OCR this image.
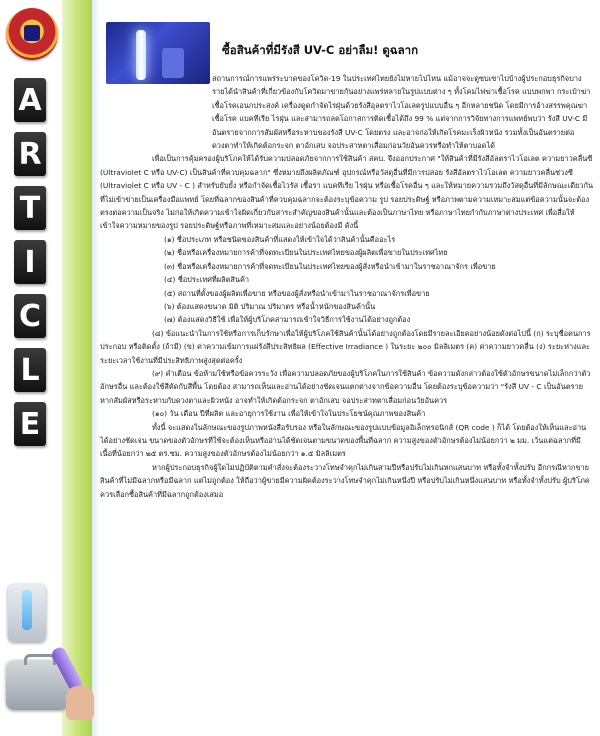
A
R
T
I
C
L
E
ซื้อสินค้าที่มีรังสี UV-C อย่าลืม! ดูฉลาก

สถานการณ์การแพร่ระบาดของโควิด-19 ในประเทศไทยยังไม่หายไปไหน แม้อาจจะดูซบเซาไปบ้างผู้ประกอบธุรกิจบางรายได้นำสินค้าที่เกี่ยวข้องกับโควิดมาขายกันอย่างแพร่หลายในรูปแบบต่าง ๆ ทั้งโคมไฟฆ่าเชื้อโรค แบบพกพา กระเป๋าฆ่าเชื้อโรคเอนกประสงค์ เครื่องดูดกำจัดไรฝุ่นด้วยรังสีอุลตราไวโอเลตรูปแบบอื่น ๆ อีกหลายชนิด โดยมีการอ้างสรรพคุณฆ่าเชื้อโรค แบคทีเรีย ไรฝุ่น และสามารถลดโอกาสการติดเชื้อได้ถึง 99 % แต่จากการวิจัยทางการแพทย์พบว่า รังสี UV-C มีอันตรายจากการสัมผัสหรือระหาบของรังสี UV-C โดยตรง และอาจก่อให้เกิดโรคมะเร็งผิวหนัง รวมทั้งเป็นอันตรายต่อดวงตาทำให้เกิดต้อกระจก ตาอักเสบ จอประสาทตาเสื่อมก่อนวัยอันควรหรือทำให้ตาบอดได้

เพื่อเป็นการคุ้มครองผู้บริโภคให้ได้รับความปลอดภัยจากการใช้สินค้า สคบ. จึงออกประกาศ "ให้สินค้าที่มีรังสีอัลตราไวโอเลต ความยาวคลื่นซี (Ultraviolet C หรือ UV-C) เป็นสินค้าที่ควบคุมฉลาก" ซึ่งหมายถึงผลิตภัณฑ์ อุปกรณ์หรือวัสดุอื่นที่มีการปล่อย รังสีอัลตราไวโอเลต ความยาวคลื่นช่วงซี (Ultraviolet C หรือ UV - C ) สำหรับยับยั้ง หรือกำจัดเชื้อไวรัส เชื้อรา แบคทีเรีย ไรฝุ่น หรือเชื้อโรคอื่น ๆ และให้หมายความรวมถึงวัสดุอื่นที่มีลักษณะเดียวกัน ที่ไม่เข้าข่ายเป็นเครื่องมือแพทย์ โดยที่ฉลากของสินค้าที่ควบคุมฉลากจะต้องระบุข้อความ รูป รอยประดิษฐ์ หรือภาพตามความเหมาะสมแต่ข้อความนั้นจะต้องตรงต่อความเป็นจริง ไม่ก่อให้เกิดความเข้าใจผิดเกี่ยวกับสาระสำคัญของสินค้านั้นและต้องเป็นภาษาไทย หรือภาษาไทยกำกับภาษาต่างประเทศ เพื่อสื่อให้เข้าใจความหมายของรูป รอยประดิษฐ์หรือภาพที่เหมาะสมและอย่างน้อยต้องมี ดังนี้

(๑) ชื่อประเภท หรือชนิดของสินค้าที่แสดงให้เข้าใจได้ว่าสินค้านั้นคืออะไร

(๒) ชื่อหรือเครื่องหมายการค้าที่จดทะเบียนในประเทศไทยของผู้ผลิตเพื่อขายในประเทศไทย

(๓) ชื่อหรือเครื่องหมายการค้าที่จดทะเบียนในประเทศไทยของผู้สั่งหรือนำเข้ามาในราชอาณาจักร เพื่อขาย

(๔) ชื่อประเทศที่ผลิตสินค้า

(๕) สถานที่ตั้งของผู้ผลิตเพื่อขาย หรือของผู้สั่งหรือนำเข้ามาในราชอาณาจักรเพื่อขาย

(๖) ต้องแสดงขนาด มิติ ปริมาณ ปริมาตร หรือน้ำหนักของสินค้านั้น

(๗) ต้องแสดงวิธีใช้ เพื่อให้ผู้บริโภคสามารถเข้าใจวิธีการใช้งานได้อย่างถูกต้อง

(๘) ข้อแนะนำในการใช้หรือการเก็บรักษาเพื่อให้ผู้บริโภคใช้สินค้านั้นได้อย่างถูกต้องโดยมีรายละเอียดอย่างน้อยดังต่อไปนี้ (ก) ระบุชื่อคนการประกอบ หรือติดตั้ง (ถ้ามี) (ข) ค่าความเข้มการแผ่รังสีประสิทธิผล (Effective Irradiance ) ในระยะ ๒๐๐ มิลลิเมตร (ค) ค่าความยาวคลื่น (ง) ระยะห่างและระยะเวลาใช้งานที่มีประสิทธิภาพสูงสุดต่อครั้ง

(๙) คำเตือน ข้อห้ามใช้หรือข้อควรระวัง เพื่อความปลอดภัยของผู้บริโภคในการใช้สินค้า ข้อความดังกล่าวต้องใช้ตัวอักษรขนาดไม่เล็กกว่าตัวอักษรอื่น และต้องใช้สีตัดกับสีพื้น โดยต้อง สามารถเห็นและอ่านได้อย่างชัดเจนแตกต่างจากข้อความอื่น โดยต้องระบุข้อความว่า "รังสี UV - C เป็นอันตรายหากสัมผัสหรือระหาบกับดวงตาและผิวหนัง อาจทำให้เกิดต้อกระจก ตาอักเสบ จอประสาทตาเสื่อมก่อนวัยอันควร

(๑๐) วัน เดือน ปีที่ผลิต และอายุการใช้งาน เพื่อให้เข้าใจในประโยชน์คุณภาพของสินค้า

ทั้งนี้ จะแสดงในลักษณะของรูปภาพหนังสือรับรอง หรือในลักษณะของรูปแบบข้อมูลอิเล็กทรอนิกส์ (QR code ) ก็ได้ โดยต้องให้เห็นและอ่านได้อย่างชัดเจน ขนาดของตัวอักษรที่ใช้จะต้องเห็นหรืออ่านได้ชัดเจนตามขนาดของพื้นที่ฉลาก ความสูงของตัวอักษรต้องไม่น้อยกว่า ๒ มม. เว้นแต่ฉลากที่มีเนื้อที่น้อยกว่า ๒๕ ตร.ซม. ความสูงของตัวอักษรต้องไม่น้อยกว่า ๑.๕ มิลลิเมตร

หากผู้ประกอบธุรกิจผู้ใดไม่ปฏิบัติตามคำสั่งจะต้องระวางโทษจำคุกไม่เกินสามปีหรือปรับไม่เกินหกแสนบาท หรือทั้งจำทั้งปรับ อีกกรณีหากขายสินค้าที่ไม่มีฉลากหรือมีฉลาก แต่ไม่ถูกต้อง ให้ถือว่าผู้ขายมีความผิดต้องระวางโทษจำคุกไม่เกินหนึ่งปี หรือปรับไม่เกินหนึ่งแสนบาท หรือทั้งจำทั้งปรับ ผู้บริโภคควรเลือกซื้อสินค้าที่มีฉลากถูกต้องเสมอ
